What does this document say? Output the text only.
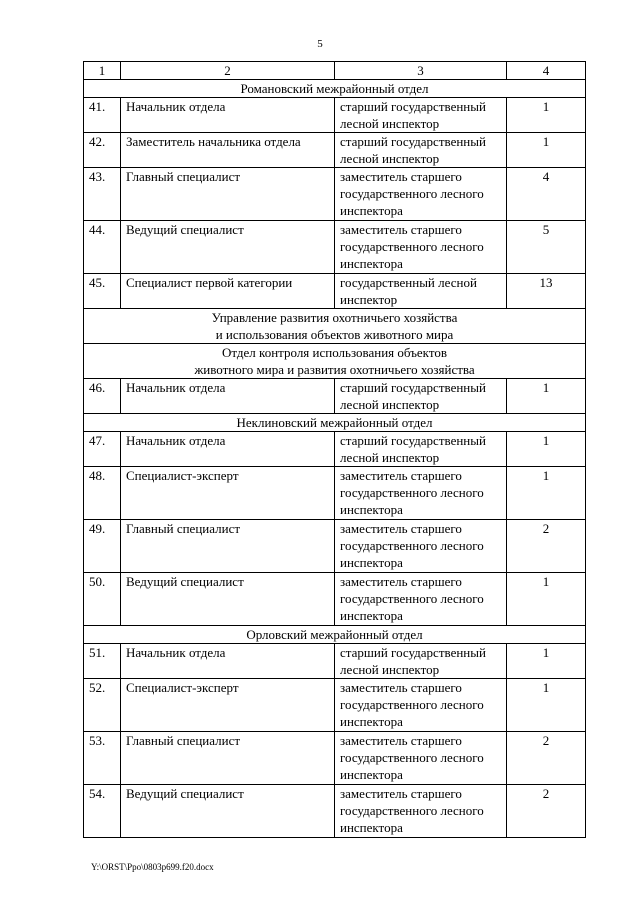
5
1	2	3	4

Романовский межрайонный отдел			

41.	Начальник отдела	старший государственный лесной инспектор	1
42.	Заместитель начальника отдела	старший государственный лесной инспектор	1
43.	Главный специалист	заместитель старшего государственного лесного инспектора	4
44.	Ведущий специалист	заместитель старшего государственного лесного инспектора	5
45.	Специалист первой категории	государственный лесной инспектор	13

Управление развития охотничьего хозяйства
и использования объектов животного мира			

Отдел контроля использования объектов
животного мира и развития охотничьего хозяйства			

46.	Начальник отдела	старший государственный лесной инспектор	1

Неклиновский межрайонный отдел			

47.	Начальник отдела	старший государственный лесной инспектор	1
48.	Специалист-эксперт	заместитель старшего государственного лесного инспектора	1
49.	Главный специалист	заместитель старшего государственного лесного инспектора	2
50.	Ведущий специалист	заместитель старшего государственного лесного инспектора	1

Орловский межрайонный отдел			

51.	Начальник отдела	старший государственный лесной инспектор	1
52.	Специалист-эксперт	заместитель старшего государственного лесного инспектора	1
53.	Главный специалист	заместитель старшего государственного лесного инспектора	2
54.	Ведущий специалист	заместитель старшего государственного лесного инспектора	2
Y:\ORST\Ppo\0803p699.f20.docx
